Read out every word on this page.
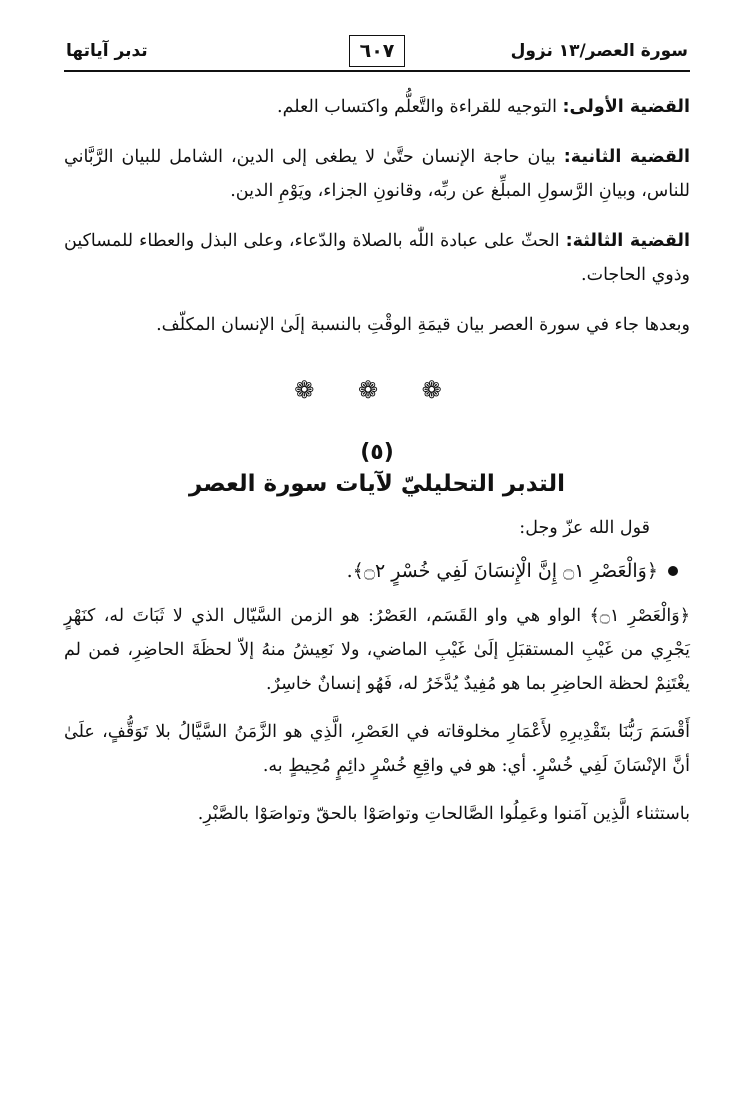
سورة العصر/١٣ نزول
٦٠٧
تدبر آياتها

القضية الأولى: التوجيه للقراءة والتَّعلُّم واكتساب العلم.

القضية الثانية: بيان حاجة الإنسان حتَّىٰ لا يطغى إلى الدين، الشامل للبيان الرَّبَّاني للناس، وبيانِ الرَّسولِ المبلِّغ عن ربِّه، وقانونِ الجزاء، ويَوْمِ الدين.

القضية الثالثة: الحثّ على عبادة اللّٰه بالصلاة والدّعاء، وعلى البذل والعطاء للمساكين وذوي الحاجات.

وبعدها جاء في سورة العصر بيان قيمَةِ الوقْتِ بالنسبة إلَىٰ الإنسان المكلّف.

❁ ❁ ❁
(٥)
التدبر التحليليّ لآيات سورة العصر
قول الله عزّ وجل:
﴿وَالْعَصْرِ ۝١ إِنَّ الْإِنسَانَ لَفِي خُسْرٍ ۝٢﴾.

﴿وَالْعَصْرِ ۝١﴾ الواو هي واو القَسَم، العَصْرُ: هو الزمن السَّيّال الذي لا ثَبَاتَ له، كنَهْرٍ يَجْرِي من غَيْبِ المستقبَلِ إلَىٰ غَيْبِ الماضي، ولا نَعِيشُ منهُ إلاّ لحظَةَ الحاضِرِ، فمن لم يغْتَنِمْ لحظة الحاضِرِ بما هو مُفِيدٌ يُدَّخَرُ له، فَهُو إنسانٌ خاسِرٌ.

أَقْسَمَ رَبُّنَا بتَقْدِيرِهِ لأَعْمَارِ مخلوقاته في العَصْرِ، الَّذِي هو الزَّمَنُ السَّيَّالُ بلا تَوَقُّفٍ، علَىٰ أنَّ الإنْسَانَ لَفِي خُسْرٍ. أي: هو في واقِعِ خُسْرٍ دائِمٍ مُحِيطٍ به.

باستثناء الَّذِين آمَنوا وعَمِلُوا الصَّالحاتِ وتواصَوْا بالحقّ وتواصَوْا بالصَّبْرِ.
